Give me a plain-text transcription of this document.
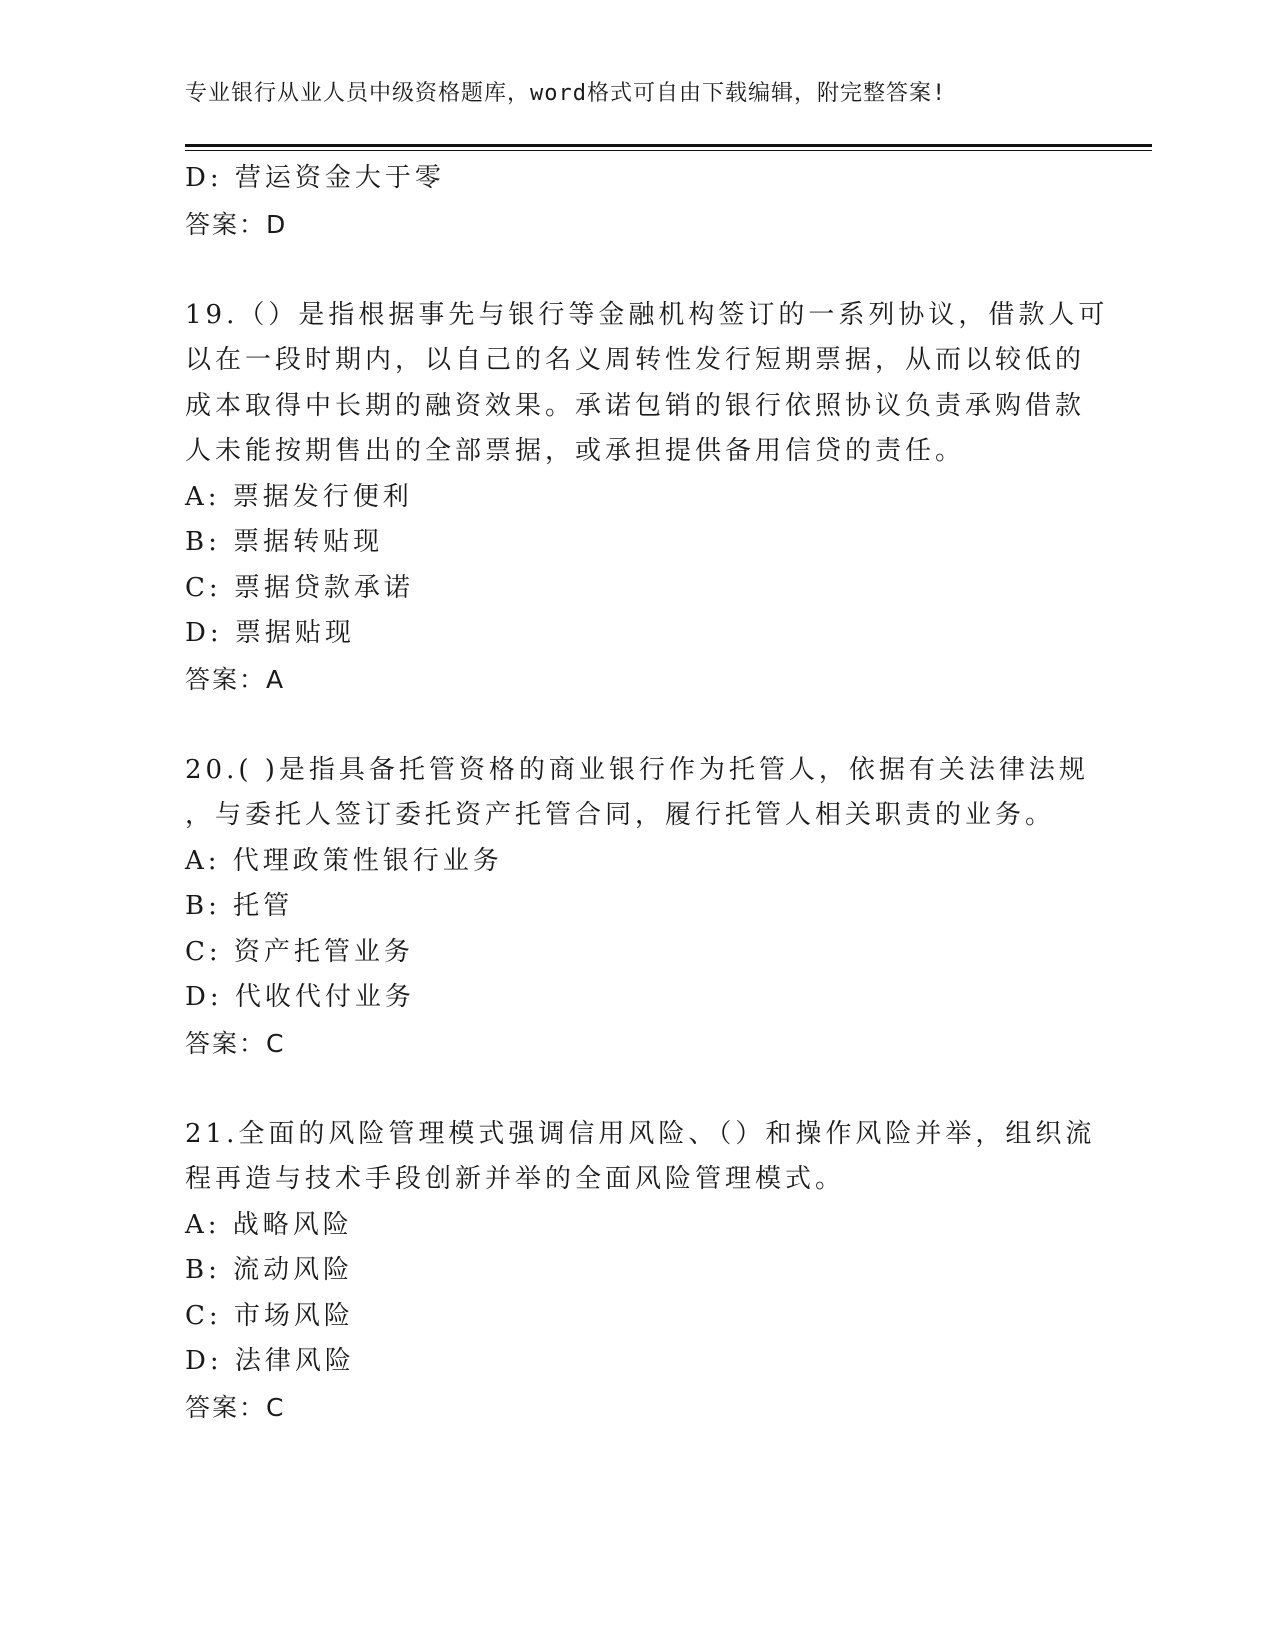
专业银行从业人员中级资格题库，word格式可自由下载编辑，附完整答案!
D: 营运资金大于零
答案：D
19.（）是指根据事先与银行等金融机构签订的一系列协议，借款人可
以在一段时期内，以自己的名义周转性发行短期票据，从而以较低的
成本取得中长期的融资效果。承诺包销的银行依照协议负责承购借款
人未能按期售出的全部票据，或承担提供备用信贷的责任。
A: 票据发行便利
B: 票据转贴现
C: 票据贷款承诺
D: 票据贴现
答案：A
20.( )是指具备托管资格的商业银行作为托管人，依据有关法律法规
，与委托人签订委托资产托管合同，履行托管人相关职责的业务。
A: 代理政策性银行业务
B: 托管
C: 资产托管业务
D: 代收代付业务
答案：C
21.全面的风险管理模式强调信用风险、（）和操作风险并举，组织流
程再造与技术手段创新并举的全面风险管理模式。
A: 战略风险
B: 流动风险
C: 市场风险
D: 法律风险
答案：C
